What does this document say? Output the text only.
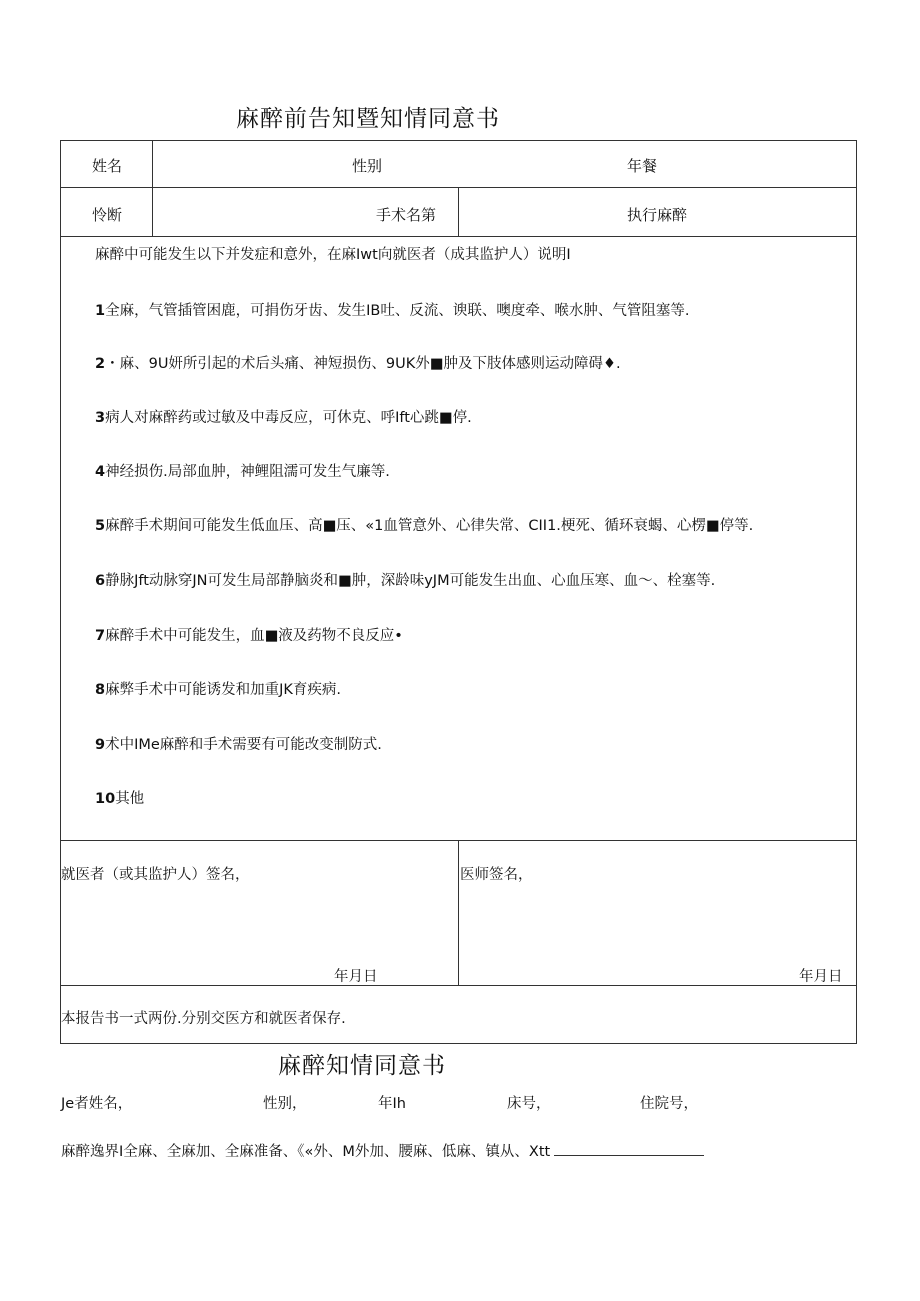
麻醉前告知暨知情同意书
姓名	性别	年餐
怜断	手术名第	执行麻醉
麻醉中可能发生以下并发症和意外，在麻Iwt向就医者（成其监护人）说明I
1全麻，气管插管困鹿，可捐伤牙齿、发生IB吐、反流、谀联、噢度牵、喉水肿、气管阻塞等.
2・麻、9U妍所引起的术后头痛、神短损伤、9UK外■肿及下肢体感则运动障碍♦.
3病人对麻醉药或过敏及中毒反应，可休克、呼Ift心跳■停.
4神经损伤.局部血肿，神鲤阻濡可发生气廉等.
5麻醉手术期间可能发生低血压、高■压、«1血管意外、心律失常、CII1.梗死、循环衰蝎、心楞■停等.
6静脉Jft动脉穿JN可发生局部静脑炎和■肿，深龄味yJM可能发生出血、心血压寒、血〜、栓塞等.
7麻醉手术中可能发生，血■液及药物不良反应•
8麻弊手术中可能诱发和加重JK育疾病.
9术中IMe麻醉和手术需要有可能改变制防式.
10其他
就医者（或其监护人）签名，	医师签名，
年月日	年月日
本报告书一式两份.分别交医方和就医者保存.
麻醉知情同意书
Je者姓名，	性别，	年Ih	床号，	住院号，
麻醉逸界I全麻、全麻加、全麻准备、《«外、M外加、腰麻、低麻、镇从、Xtt
